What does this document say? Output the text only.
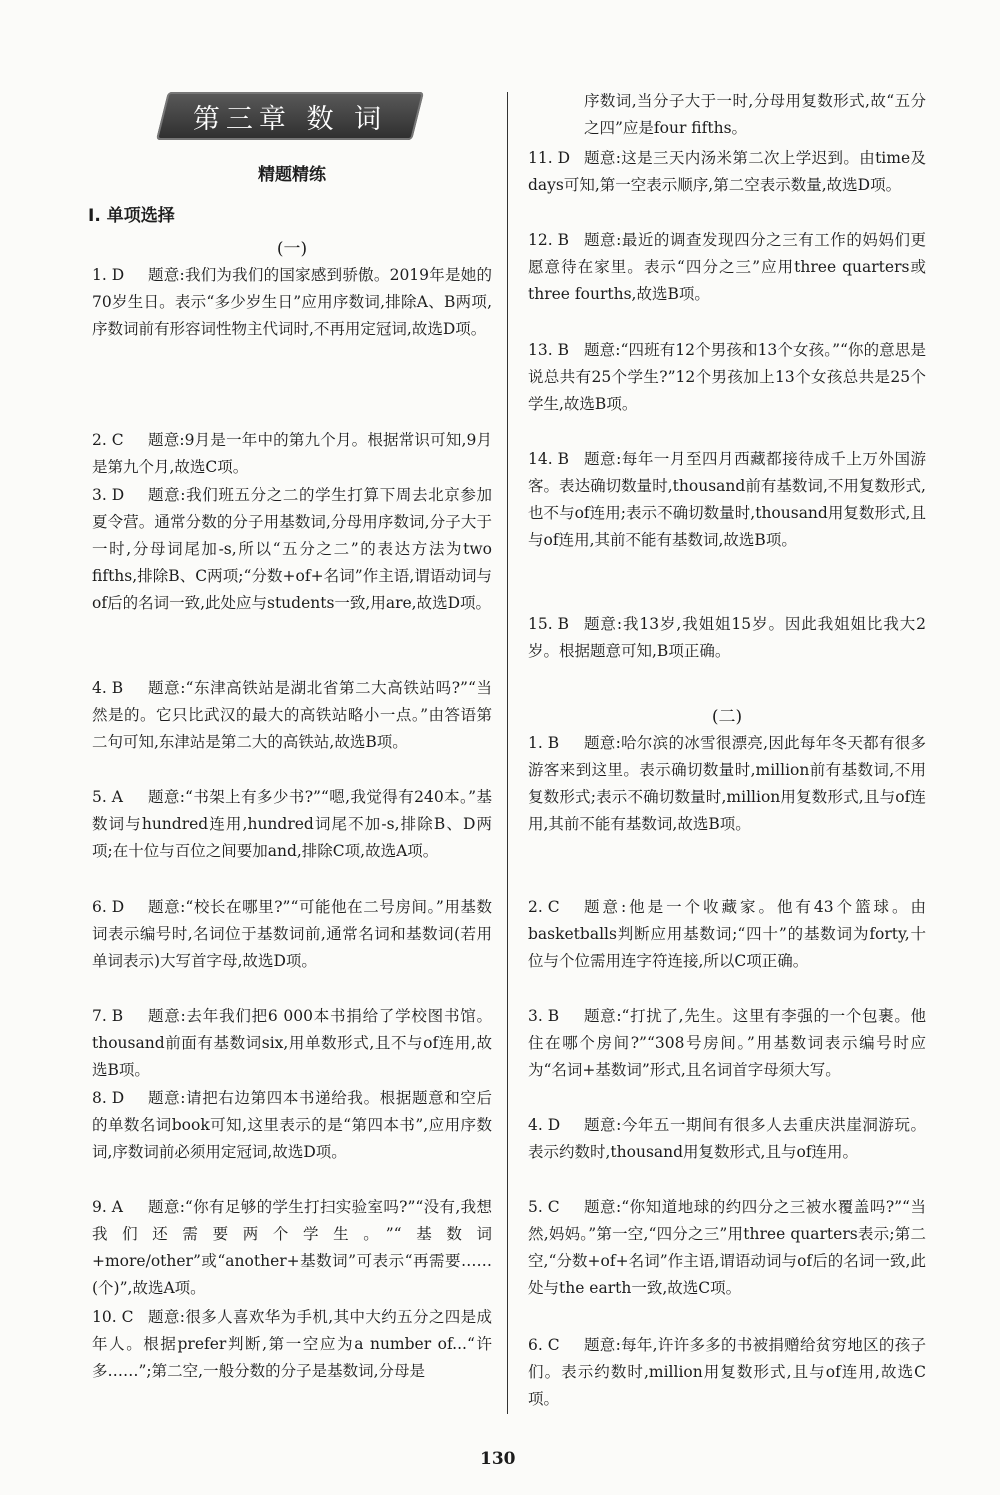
第三章 数 词
精题精练
Ⅰ. 单项选择
(一)
1. D	题意:我们为我们的国家感到骄傲。2019年是她的70岁生日。表示“多少岁生日”应用序数词,排除A、B两项,序数词前有形容词性物主代词时,不再用定冠词,故选D项。
2. C	题意:9月是一年中的第九个月。根据常识可知,9月是第九个月,故选C项。
3. D	题意:我们班五分之二的学生打算下周去北京参加夏令营。通常分数的分子用基数词,分母用序数词,分子大于一时,分母词尾加-s,所以“五分之二”的表达方法为two fifths,排除B、C两项;“分数+of+名词”作主语,谓语动词与of后的名词一致,此处应与students一致,用are,故选D项。
4. B	题意:“东津高铁站是湖北省第二大高铁站吗?”“当然是的。它只比武汉的最大的高铁站略小一点。”由答语第二句可知,东津站是第二大的高铁站,故选B项。
5. A	题意:“书架上有多少书?”“嗯,我觉得有240本。”基数词与hundred连用,hundred词尾不加-s,排除B、D两项;在十位与百位之间要加and,排除C项,故选A项。
6. D	题意:“校长在哪里?”“可能他在二号房间。”用基数词表示编号时,名词位于基数词前,通常名词和基数词(若用单词表示)大写首字母,故选D项。
7. B	题意:去年我们把6 000本书捐给了学校图书馆。thousand前面有基数词six,用单数形式,且不与of连用,故选B项。
8. D	题意:请把右边第四本书递给我。根据题意和空后的单数名词book可知,这里表示的是“第四本书”,应用序数词,序数词前必须用定冠词,故选D项。
9. A	题意:“你有足够的学生打扫实验室吗?”“没有,我想我们还需要两个学生。”“基数词+more/other”或“another+基数词”可表示“再需要……(个)”,故选A项。
10. C 题意:很多人喜欢华为手机,其中大约五分之四是成年人。根据prefer判断,第一空应为a number of...“许多……”;第二空,一般分数的分子是基数词,分母是
序数词,当分子大于一时,分母用复数形式,故“五分之四”应是four fifths。
11. D 题意:这是三天内汤米第二次上学迟到。由time及days可知,第一空表示顺序,第二空表示数量,故选D项。
12. B 题意:最近的调查发现四分之三有工作的妈妈们更愿意待在家里。表示“四分之三”应用three quarters或three fourths,故选B项。
13. B 题意:“四班有12个男孩和13个女孩。”“你的意思是说总共有25个学生?”12个男孩加上13个女孩总共是25个学生,故选B项。
14. B 题意:每年一月至四月西藏都接待成千上万外国游客。表达确切数量时,thousand前有基数词,不用复数形式,也不与of连用;表示不确切数量时,thousand用复数形式,且与of连用,其前不能有基数词,故选B项。
15. B 题意:我13岁,我姐姐15岁。因此我姐姐比我大2岁。根据题意可知,B项正确。
(二)
1. B	题意:哈尔滨的冰雪很漂亮,因此每年冬天都有很多游客来到这里。表示确切数量时,million前有基数词,不用复数形式;表示不确切数量时,million用复数形式,且与of连用,其前不能有基数词,故选B项。
2. C	题意:他是一个收藏家。他有43个篮球。由basketballs判断应用基数词;“四十”的基数词为forty,十位与个位需用连字符连接,所以C项正确。
3. B	题意:“打扰了,先生。这里有李强的一个包裹。他住在哪个房间?”“308号房间。”用基数词表示编号时应为“名词+基数词”形式,且名词首字母须大写。
4. D	题意:今年五一期间有很多人去重庆洪崖洞游玩。表示约数时,thousand用复数形式,且与of连用。
5. C	题意:“你知道地球的约四分之三被水覆盖吗?”“当然,妈妈。”第一空,“四分之三”用three quarters表示;第二空,“分数+of+名词”作主语,谓语动词与of后的名词一致,此处与the earth一致,故选C项。
6. C	题意:每年,许许多多的书被捐赠给贫穷地区的孩子们。表示约数时,million用复数形式,且与of连用,故选C项。
130
